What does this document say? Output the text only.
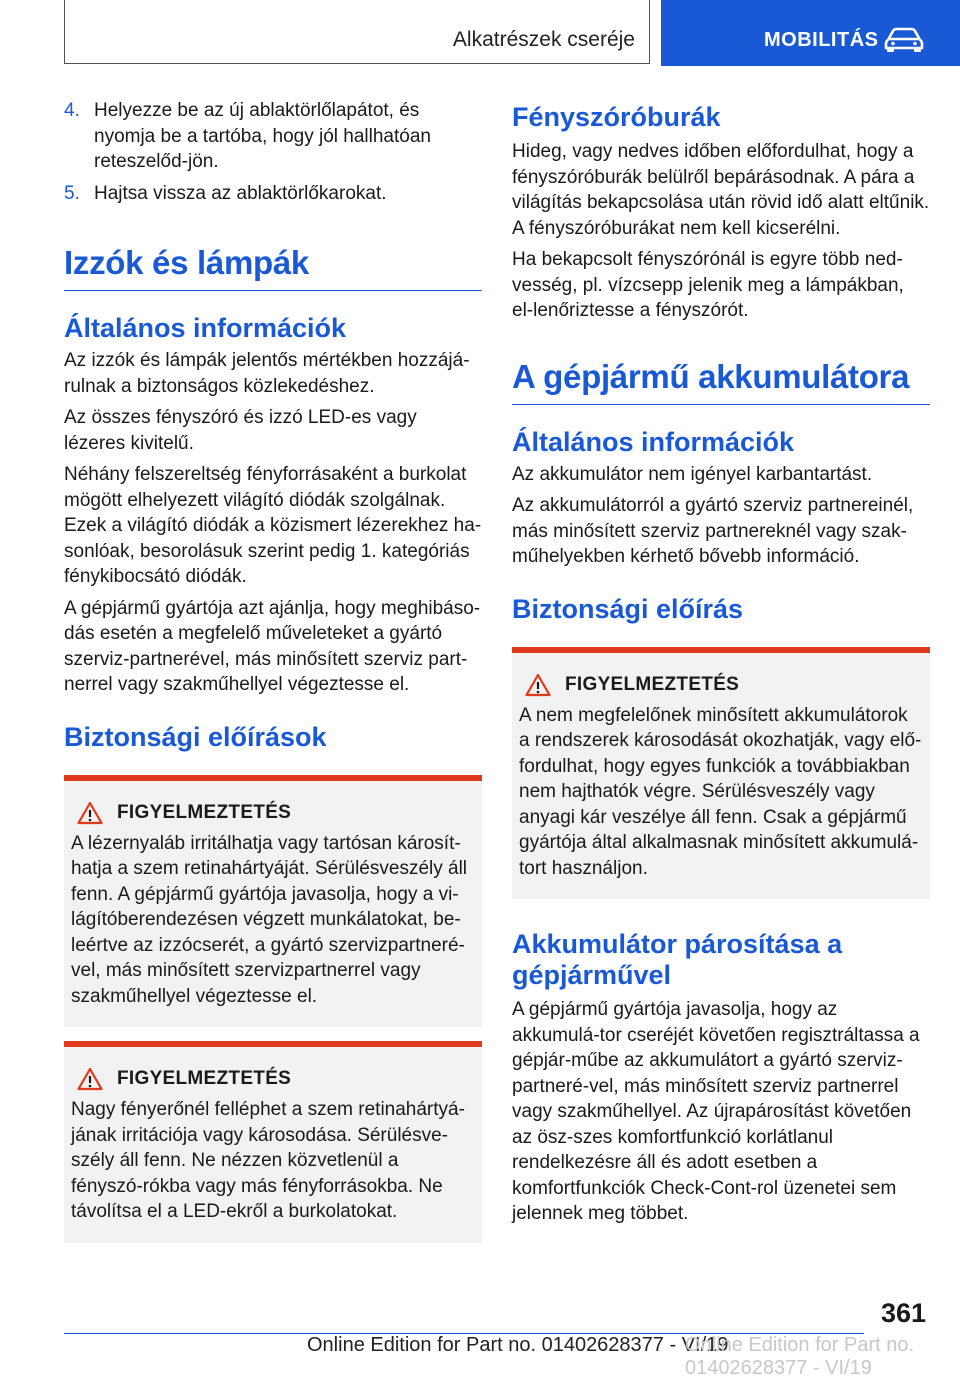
Alkatrészek cseréje	MOBILITÁS
4. Helyezze be az új ablaktörlőlapátot, és nyomja be a tartóba, hogy jól hallhatóan reteszelőd‐jön.
5. Hajtsa vissza az ablaktörlőkarokat.
Izzók és lámpák
Általános információk

Az izzók és lámpák jelentős mértékben hozzájá‐rulnak a biztonságos közlekedéshez.

Az összes fényszóró és izzó LED-es vagy lézeres kivitelű.

Néhány felszereltség fényforrásaként a burkolat mögött elhelyezett világító diódák szolgálnak. Ezek a világító diódák a közismert lézerekhez ha‐sonlóak, besorolásuk szerint pedig 1. kategóriás fénykibocsátó diódák.

A gépjármű gyártója azt ajánlja, hogy meghibáso‐dás esetén a megfelelő műveleteket a gyártó szerviz-partnerével, más minősített szerviz part‐nerrel vagy szakműhellyel végeztesse el.

Biztonsági előírások
FIGYELMEZTETÉS

A lézernyaláb irritálhatja vagy tartósan károsít‐hatja a szem retinahártyáját. Sérülésveszély áll fenn. A gépjármű gyártója javasolja, hogy a vi‐lágítóberendezésen végzett munkálatokat, be‐leértve az izzócserét, a gyártó szervizpartneré‐vel, más minősített szervizpartnerrel vagy szakműhellyel végeztesse el.

FIGYELMEZTETÉS

Nagy fényerőnél felléphet a szem retinahártyá‐jának irritációja vagy károsodása. Sérülésve‐szély áll fenn. Ne nézzen közvetlenül a fényszó‐rókba vagy más fényforrásokba. Ne távolítsa el a LED-ekről a burkolatokat.

Fényszóróburák

Hideg, vagy nedves időben előfordulhat, hogy a fényszóróburák belülről bepárásodnak. A pára a világítás bekapcsolása után rövid idő alatt eltűnik. A fényszóróburákat nem kell kicserélni.

Ha bekapcsolt fényszórónál is egyre több ned‐vesség, pl. vízcsepp jelenik meg a lámpákban, el‐lenőriztesse a fényszórót.

A gépjármű akkumulátora
Általános információk

Az akkumulátor nem igényel karbantartást.

Az akkumulátorról a gyártó szerviz partnereinél, más minősített szerviz partnereknél vagy szak‐műhelyekben kérhető bővebb információ.

Biztonsági előírás
FIGYELMEZTETÉS

A nem megfelelőnek minősített akkumulátorok a rendszerek károsodását okozhatják, vagy elő‐fordulhat, hogy egyes funkciók a továbbiakban nem hajthatók végre. Sérülésveszély vagy anyagi kár veszélye áll fenn. Csak a gépjármű gyártója által alkalmasnak minősített akkumulá‐tort használjon.

Akkumulátor párosítása a gépjárművel

A gépjármű gyártója javasolja, hogy az akkumulá‐tor cseréjét követően regisztráltassa a gépjár‐műbe az akkumulátort a gyártó szerviz-partneré‐vel, más minősített szerviz partnerrel vagy szakműhellyel. Az újrapárosítást követően az ösz‐szes komfortfunkció korlátlanul rendelkezésre áll és adott esetben a komfortfunkciók Check-Cont‐rol üzenetei sem jelennek meg többet.

361
Online Edition for Part no. 01402628377 - VI/19
Online Edition for Part no. 01402628377 - VI/19
